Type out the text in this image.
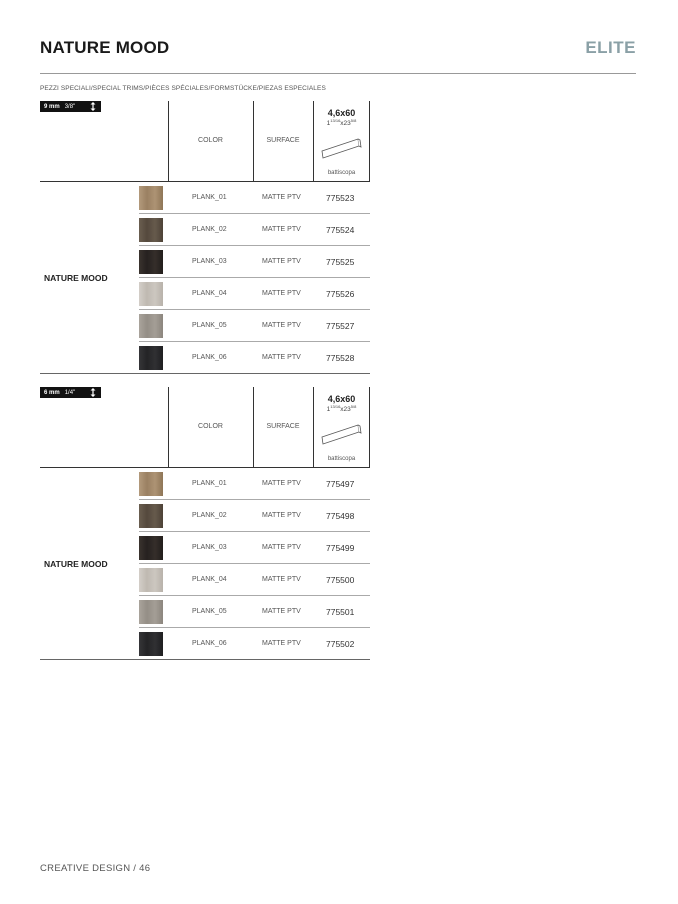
NATURE MOOD	ELITE
PEZZI SPECIALI/SPECIAL TRIMS/PIÈCES SPÉCIALES/FORMSTÜCKE/PIEZAS ESPECIALES
9 mm 3/8"
COLOR	SURFACE
4,6x60
$1^{13/16}x23^{5/8}$
battiscopa
NATURE MOOD
PLANK_01	MATTE PTV	775523
PLANK_02	MATTE PTV	775524
PLANK_03	MATTE PTV	775525
PLANK_04	MATTE PTV	775526
PLANK_05	MATTE PTV	775527
PLANK_06	MATTE PTV	775528
6 mm 1/4"
COLOR	SURFACE
4,6x60
$1^{13/16}x23^{5/8}$
battiscopa
NATURE MOOD
PLANK_01	MATTE PTV	775497
PLANK_02	MATTE PTV	775498
PLANK_03	MATTE PTV	775499
PLANK_04	MATTE PTV	775500
PLANK_05	MATTE PTV	775501
PLANK_06	MATTE PTV	775502
CREATIVE DESIGN / 46
